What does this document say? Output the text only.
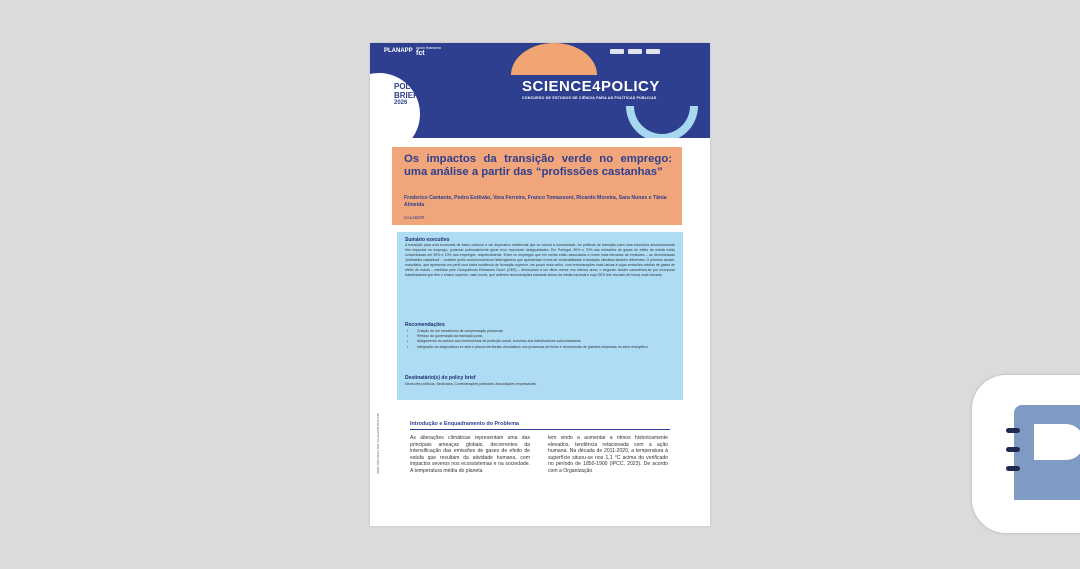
PLANAPP Apoio financeiro
fct
POLICY
BRIEF
2026
SCIENCE4POLICY
CONCURSO DE ESTUDOS DE CIÊNCIA PARA AS POLÍTICAS PÚBLICAS
Os impactos da transição verde no emprego: uma análise a partir das “profissões castanhas”
Frederico Cantante, Pedro Estêvão, Vera Ferreira, Franco Tomassoni, Ricardo Moreira, Sara Nunes e Tânia Almeida
CoLABOR
Sumário executivo
A transição para uma economia de baixo carbono é um imperativo existencial que se coloca à humanidade. As políticas de transição para uma economia descarbonizada têm impactos no emprego, podendo potencialmente gerar e/ou reproduzir desigualdades. Em Portugal, 80% e 70% das emissões de gases de efeito de estufa estão concentradas em 30% e 10% dos empregos, respetivamente. Entre os empregos que em média estão associados a níveis mais elevados de emissões – as denominadas “profissões castanhas” – existem perfis socioeconómicos heterogéneos que apresentam níveis de vulnerabilidade à transição climática também diferentes. O primeiro cluster, maioritário, que apresenta um perfil com baixa incidência de formação superior, um pouco mais velho, com remunerações mais baixas e cujas emissões médias de gases de efeito de estufa – medidas pelo Occupational Emissions Score (OES) – diminuíram a um ritmo menor nos últimos anos; o segundo cluster caracteriza-se por incorporar trabalhadores que têm o ensino superior, mais novos, que auferem remunerações bastante acima da média nacional e cujo OES tem recuado de forma mais vincada.
Recomendações
• Criação de um mecanismo de compensação plurianual;
• Reforço da governação da transição justa;
• Alargamento do acesso aos instrumentos de proteção social, incluindo aos trabalhadores subcontratados;
• Integração de diagnósticos ex ante e planos territoriais vinculativos nos processos de fecho e reconversão de grandes empresas do setor energético
Destinatário(s) do policy brief
Decisores políticos; Sindicatos; Confederações patronais; Associações empresariais.
ISSN 2184-0393 | DOI: 10.xxxx/PB.2026.S4P	Introdução e Enquadramento do Problema
As alterações climáticas representam uma das principais ameaças globais, decorrentes da intensificação das emissões de gases de efeito de estufa que resultam da atividade humana, com impactos severos nos ecossistemas e na sociedade. A temperatura média do planeta
tem vindo a aumentar a ritmos historicamente elevados, tendência relacionada com a ação humana. Na década de 2011-2020, a temperatura à superfície situou-se nos 1,1 °C acima do verificado no período de 1850-1900 (IPCC, 2023). De acordo com a Organização
